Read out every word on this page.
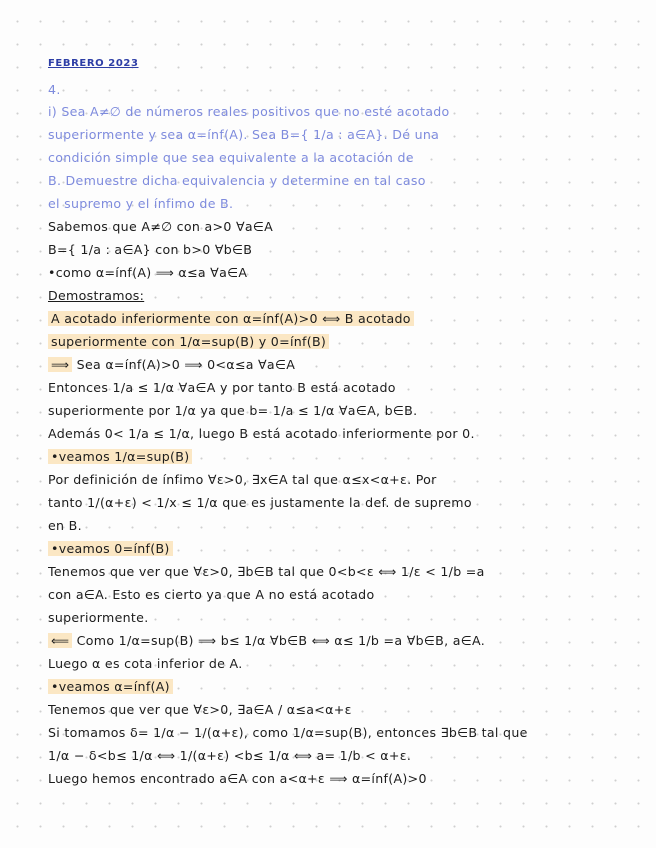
FEBRERO 2023
4.
i) Sea A≠∅ de números reales positivos que no esté acotado
superiormente y sea α=ínf(A). Sea B={ 1/a : a∈A}. Dé una
condición simple que sea equivalente a la acotación de
B. Demuestre dicha equivalencia y determine en tal caso
el supremo y el ínfimo de B.
Sabemos que A≠∅ con a>0 ∀a∈A
B={ 1/a : a∈A} con b>0 ∀b∈B
• como α=ínf(A) ⟹ α≤a ∀a∈A
Demostramos:
A acotado inferiormente con α=ínf(A)>0 ⟺ B acotado
superiormente con 1/α=sup(B) y 0=ínf(B)
⟹ Sea α=ínf(A)>0 ⟹ 0<α≤a ∀a∈A
Entonces 1/a ≤ 1/α ∀a∈A y por tanto B está acotado
superiormente por 1/α ya que b= 1/a ≤ 1/α ∀a∈A, b∈B.
Además 0< 1/a ≤ 1/α, luego B está acotado inferiormente por 0.
• veamos 1/α=sup(B)
Por definición de ínfimo ∀ε>0, ∃x∈A tal que α≤x<α+ε. Por
tanto 1/(α+ε) < 1/x ≤ 1/α que es justamente la def. de supremo
en B.
• veamos 0=ínf(B)
Tenemos que ver que ∀ε>0, ∃b∈B tal que 0<b<ε ⟺ 1/ε < 1/b =a
con a∈A. Esto es cierto ya que A no está acotado
superiormente.
⟸ Como 1/α=sup(B) ⟹ b≤ 1/α ∀b∈B ⟺ α≤ 1/b =a ∀b∈B, a∈A.
Luego α es cota inferior de A.
• veamos α=ínf(A)
Tenemos que ver que ∀ε>0, ∃a∈A / α≤a<α+ε
Si tomamos δ= 1/α − 1/(α+ε), como 1/α=sup(B), entonces ∃b∈B tal que
1/α − δ<b≤ 1/α ⟺ 1/(α+ε) <b≤ 1/α ⟺ a= 1/b < α+ε.
Luego hemos encontrado a∈A con a<α+ε ⟹ α=ínf(A)>0
